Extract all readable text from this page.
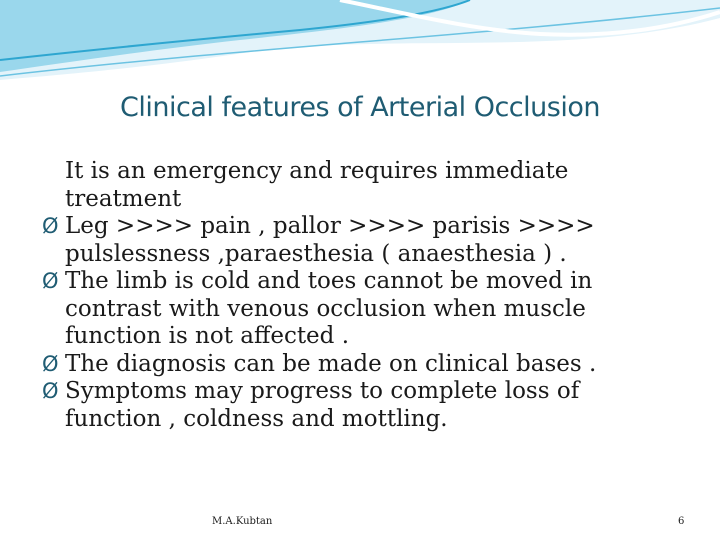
Clinical features of Arterial Occlusion

It is an emergency and requires immediate treatment

Ø Leg >>>> pain , pallor >>>> parisis >>>> pulslessness ,paraesthesia ( anaesthesia ) .

Ø The limb is cold and toes cannot be moved in contrast with venous occlusion when muscle function is not affected .

Ø The diagnosis can be made on clinical bases .

Ø Symptoms may progress to complete loss of function , coldness and mottling.

M.A.Kubtan	6
